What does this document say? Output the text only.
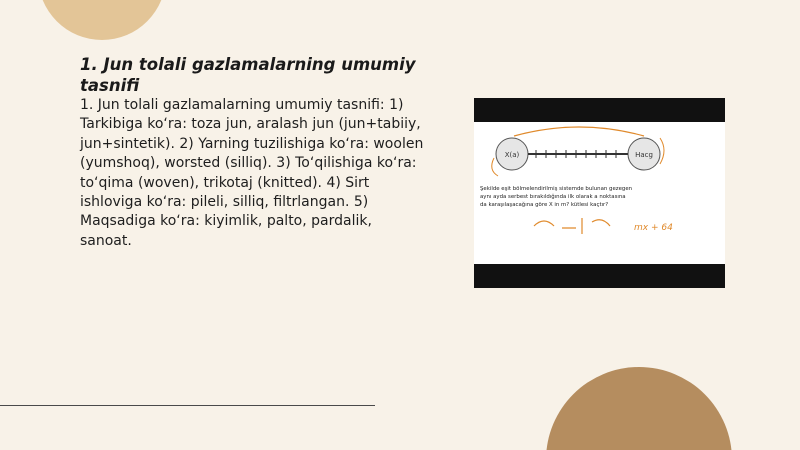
1. Jun tolali gazlamalarning umumiy tasnifi

1. Jun tolali gazlamalarning umumiy tasnifi: 1) Tarkibiga ko‘ra: toza jun, aralash jun (jun+tabiiy, jun+sintetik). 2) Yarning tuzilishiga ko‘ra: woolen (yumshoq), worsted (silliq). 3) To‘qilishiga ko‘ra: to‘qima (woven), trikotaj (knitted). 4) Sirt ishloviga ko‘ra: pileli, silliq, filtrlangan. 5) Maqsadiga ko‘ra: kiyimlik, palto, pardalik, sanoat.

X(a)	Hacg
Şekilde eşit bölmelendirilmiş sistemde bulunan gezegen
aynı ayda serbest bırakıldığında ilk olarak a noktasına
da karaşılaşacağına göre X in m? kütlesi kaçtır?
mx + 64
